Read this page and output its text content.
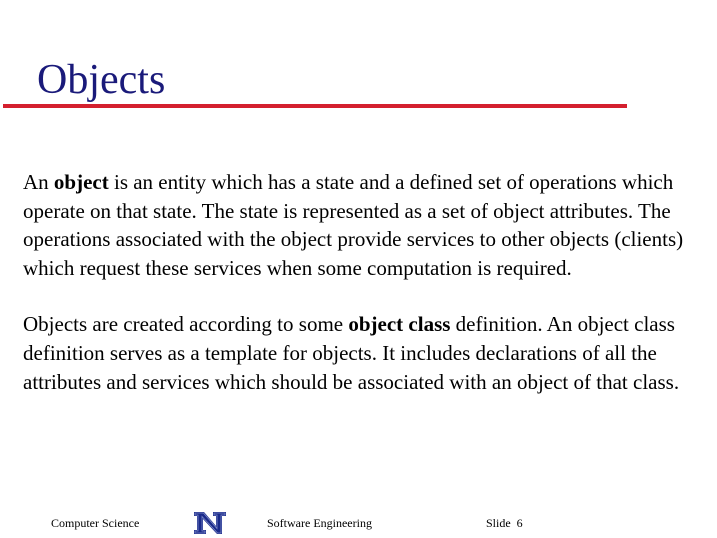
Objects

An object is an entity which has a state and a defined set of operations which operate on that state. The state is represented as a set of object attributes. The operations associated with the object provide services to other objects (clients) which request these services when some computation is required.

Objects are created according to some object class definition. An object class definition serves as a template for objects. It includes declarations of all the attributes and services which should be associated with an object of that class.

Computer Science	Software Engineering	Slide 6
